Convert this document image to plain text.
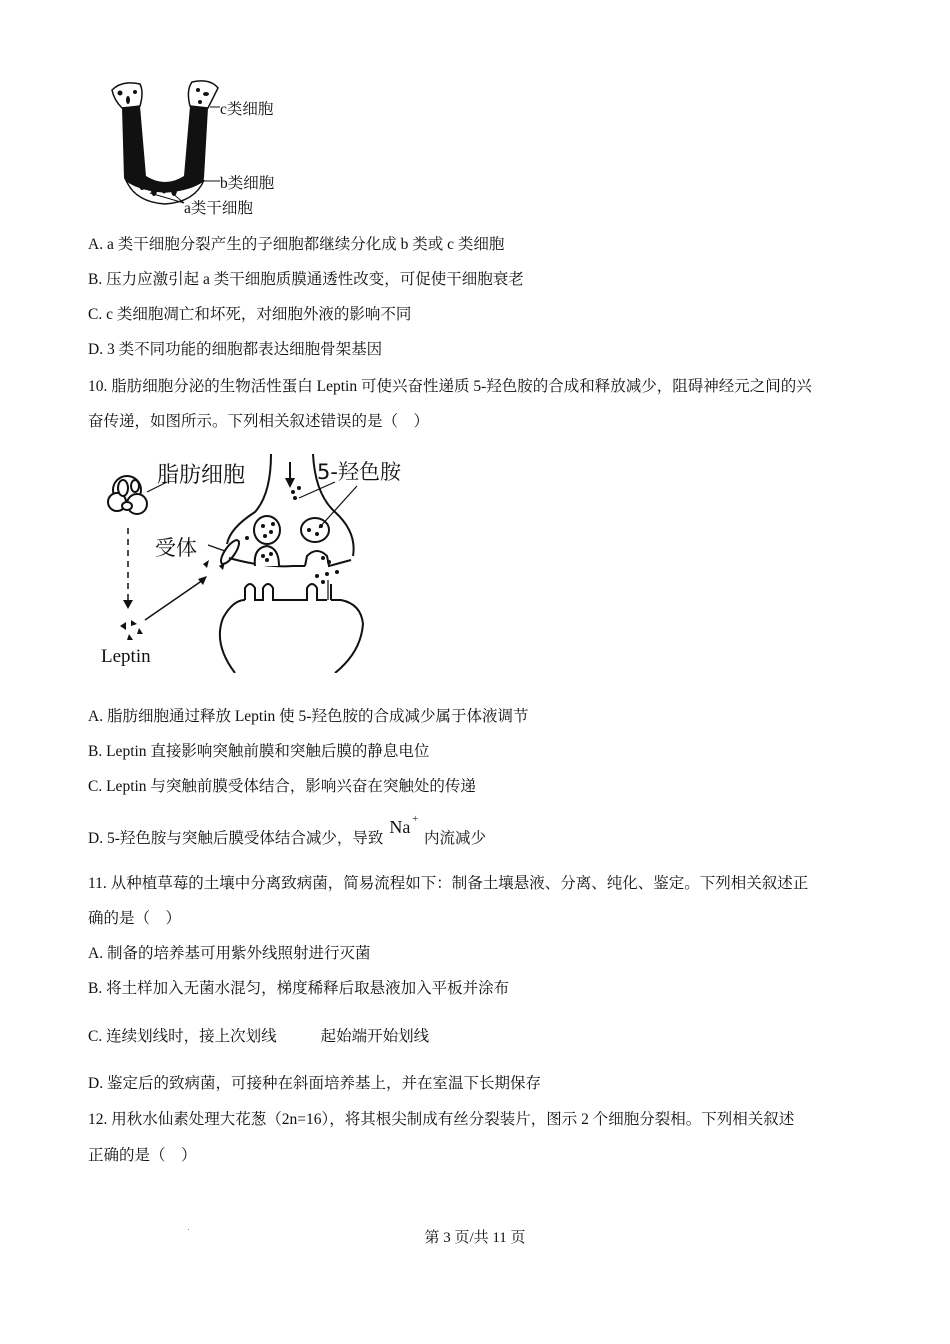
c类细胞
b类细胞
a类干细胞
A. a 类干细胞分裂产生的子细胞都继续分化成 b 类或 c 类细胞
B. 压力应激引起 a 类干细胞质膜通透性改变，可促使干细胞衰老
C. c 类细胞凋亡和坏死，对细胞外液的影响不同
D. 3 类不同功能的细胞都表达细胞骨架基因
10. 脂肪细胞分泌的生物活性蛋白 Leptin 可使兴奋性递质 5-羟色胺的合成和释放减少，阻碍神经元之间的兴
奋传递，如图所示。下列相关叙述错误的是（　）
脂肪细胞	5-羟色胺
受体
Leptin
A. 脂肪细胞通过释放 Leptin 使 5-羟色胺的合成减少属于体液调节
B. Leptin 直接影响突触前膜和突触后膜的静息电位
C. Leptin 与突触前膜受体结合，影响兴奋在突触处的传递
D. 5-羟色胺与突触后膜受体结合减少，导致Na +内流减少
11. 从种植草莓的土壤中分离致病菌，简易流程如下：制备土壤悬液、分离、纯化、鉴定。下列相关叙述正
确的是（　）
A. 制备的培养基可用紫外线照射进行灭菌
B. 将土样加入无菌水混匀，梯度稀释后取悬液加入平板并涂布
C. 连续划线时，接上次划线	起始端开始划线
D. 鉴定后的致病菌，可接种在斜面培养基上，并在室温下长期保存
12. 用秋水仙素处理大花葱（2n=16），将其根尖制成有丝分裂装片，图示 2 个细胞分裂相。下列相关叙述
正确的是（　）
第 3 页/共 11 页
